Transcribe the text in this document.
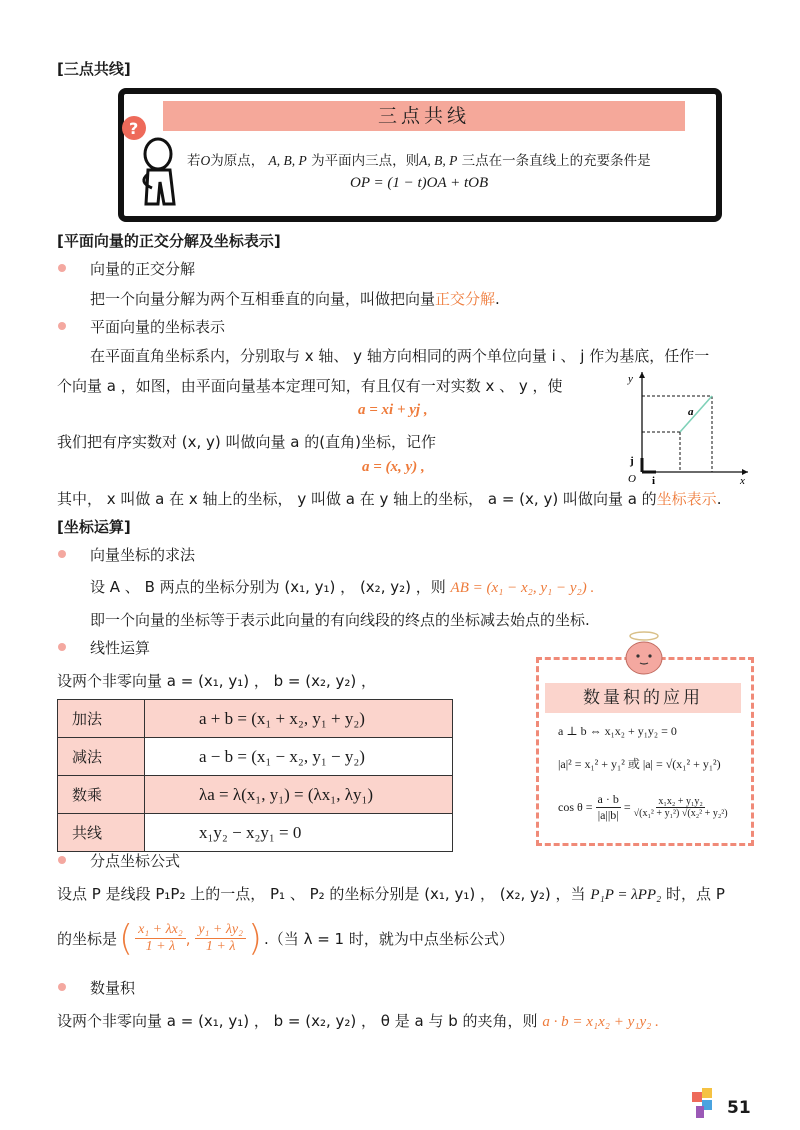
[三点共线]
三点共线
?
若O为原点， A, B, P 为平面内三点，则A, B, P 三点在一条直线上的充要条件是
OP = (1 − t)OA + tOB
[平面向量的正交分解及坐标表示]
向量的正交分解
把一个向量分解为两个互相垂直的向量，叫做把向量正交分解.
平面向量的坐标表示
在平面直角坐标系内，分别取与 x 轴、 y 轴方向相同的两个单位向量 i 、 j 作为基底，任作一
个向量 a ，如图，由平面向量基本定理可知，有且仅有一对实数 x 、 y ，使
a = xi + yj ,
我们把有序实数对 (x, y) 叫做向量 a 的(直角)坐标，记作
a = (x, y) ,
其中， x 叫做 a 在 x 轴上的坐标， y 叫做 a 在 y 轴上的坐标， a = (x, y) 叫做向量 a 的坐标表示.
y
x
O i
j
a
[坐标运算]
向量坐标的求法
设 A 、 B 两点的坐标分别为 (x₁, y₁) ， (x₂, y₂) ，则 AB = (x₁ − x₂, y₁ − y₂) .
即一个向量的坐标等于表示此向量的有向线段的终点的坐标减去始点的坐标.
线性运算
设两个非零向量 a = (x₁, y₁) ， b = (x₂, y₂) ，
加法	a + b = (x₁ + x₂, y₁ + y₂)
减法	a − b = (x₁ − x₂, y₁ − y₂)
数乘	λa = λ(x₁, y₁) = (λx₁, λy₁)
共线	x₁y₂ − x₂y₁ = 0
数量积的应用
a ⊥ b ⇔ x₁x₂ + y₁y₂ = 0
|a|² = x₁² + y₁² 或 |a| = √(x₁² + y₁²)
$\cos \theta = \frac{a \cdot b}{|a||b|} = \frac{\text{x₁x₂ + y₁y₂}}{\text{√(x₁² + y₁²) √(x₂² + y₂²)}}$
分点坐标公式
设点 P 是线段 P₁P₂ 上的一点， P₁ 、 P₂ 的坐标分别是 (x₁, y₁) ， (x₂, y₂) ，当 P₁P = λPP₂ 时，点 P
的坐标是 ( x₁ + λx₂
1 + λ , y₁ + λy₂
1 + λ ) .（当 λ = 1 时，就为中点坐标公式）
数量积
设两个非零向量 a = (x₁, y₁) ， b = (x₂, y₂) ， θ 是 a 与 b 的夹角，则 a · b = x₁x₂ + y₁y₂ .
51
